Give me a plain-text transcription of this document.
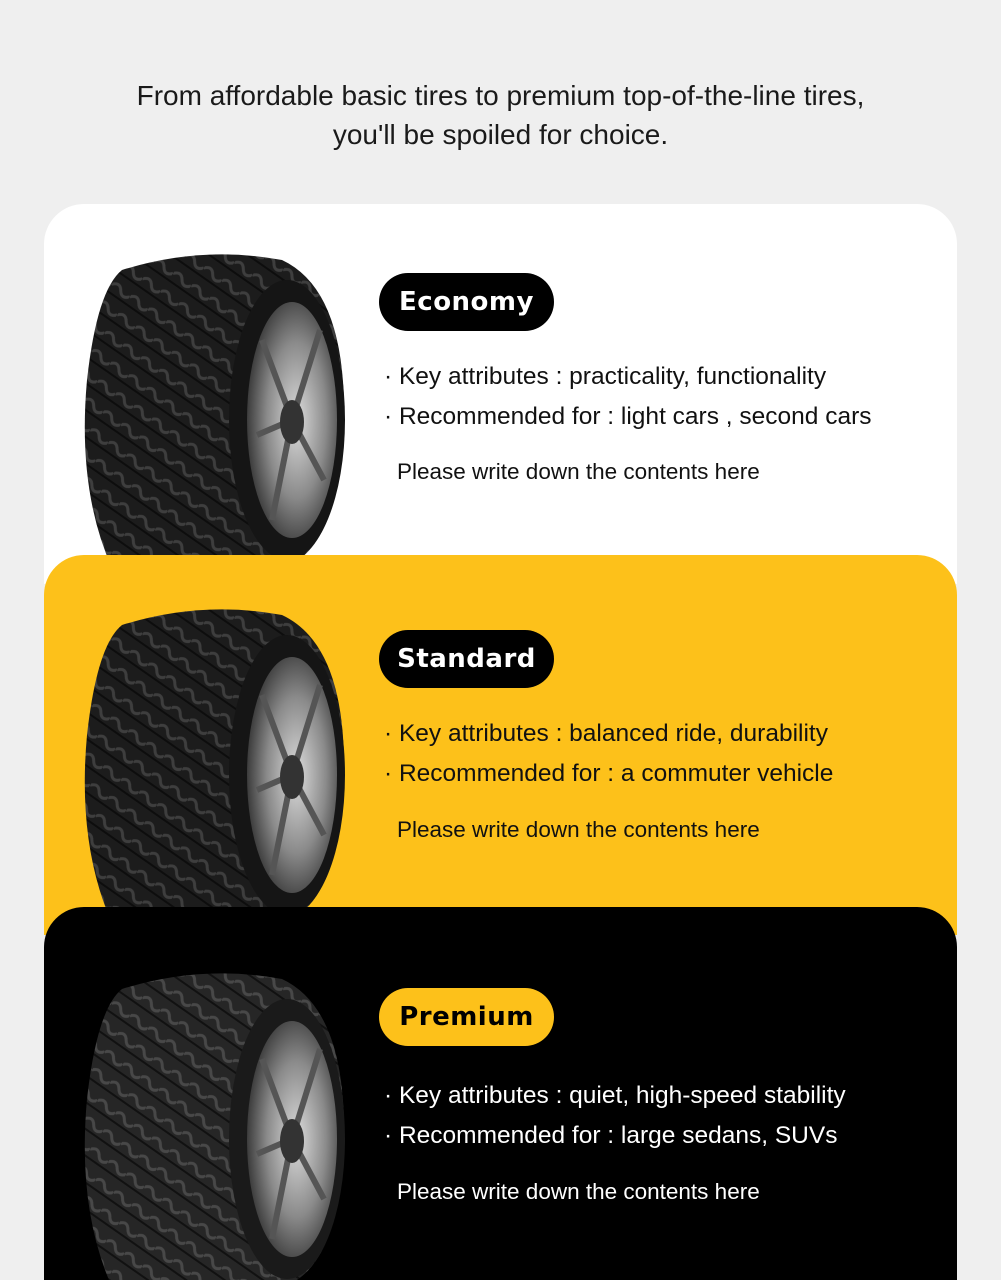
From affordable basic tires to premium top-of-the-line tires,
you'll be spoiled for choice.
Economy
· Key attributes : practicality, functionality
· Recommended for : light cars , second cars
Please write down the contents here
Standard
· Key attributes : balanced ride, durability
· Recommended for : a commuter vehicle
Please write down the contents here
Premium
· Key attributes : quiet, high-speed stability
· Recommended for : large sedans, SUVs
Please write down the contents here
